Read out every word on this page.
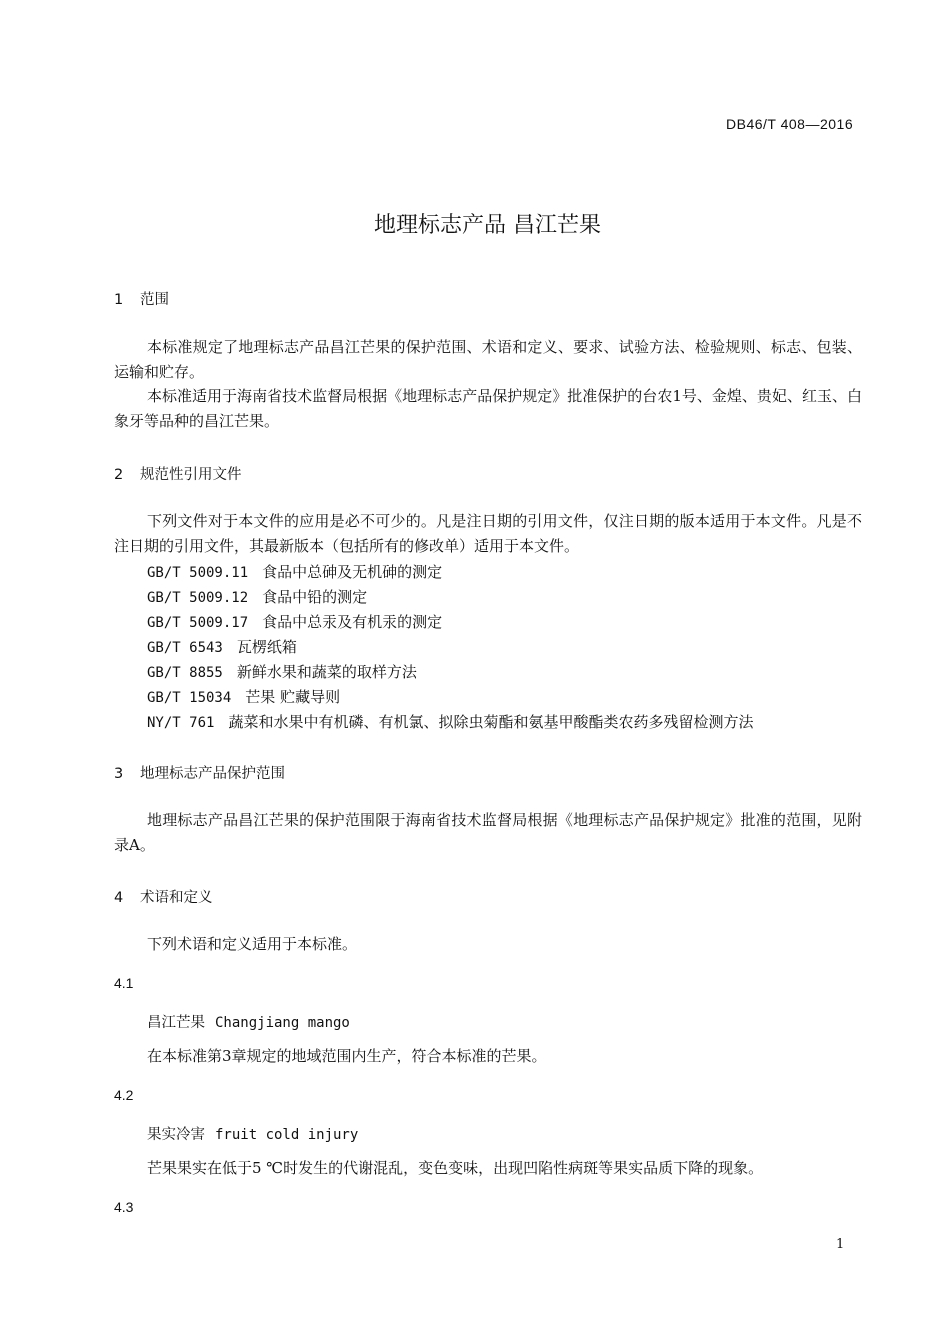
DB46/T 408—2016
地理标志产品 昌江芒果
1 范围
本标准规定了地理标志产品昌江芒果的保护范围、术语和定义、要求、试验方法、检验规则、标志、包装、运输和贮存。
本标准适用于海南省技术监督局根据《地理标志产品保护规定》批准保护的台农1号、金煌、贵妃、红玉、白象牙等品种的昌江芒果。
2 规范性引用文件
下列文件对于本文件的应用是必不可少的。凡是注日期的引用文件，仅注日期的版本适用于本文件。凡是不注日期的引用文件，其最新版本（包括所有的修改单）适用于本文件。
GB/T 5009.11 食品中总砷及无机砷的测定
GB/T 5009.12 食品中铅的测定
GB/T 5009.17 食品中总汞及有机汞的测定
GB/T 6543 瓦楞纸箱
GB/T 8855 新鲜水果和蔬菜的取样方法
GB/T 15034 芒果 贮藏导则
NY/T 761 蔬菜和水果中有机磷、有机氯、拟除虫菊酯和氨基甲酸酯类农药多残留检测方法
3 地理标志产品保护范围
地理标志产品昌江芒果的保护范围限于海南省技术监督局根据《地理标志产品保护规定》批准的范围，见附录A。
4 术语和定义
下列术语和定义适用于本标准。
4.1
昌江芒果 Changjiang mango
在本标准第3章规定的地域范围内生产，符合本标准的芒果。
4.2
果实冷害 fruit cold injury
芒果果实在低于5 ℃时发生的代谢混乱，变色变味，出现凹陷性病斑等果实品质下降的现象。
4.3
1
